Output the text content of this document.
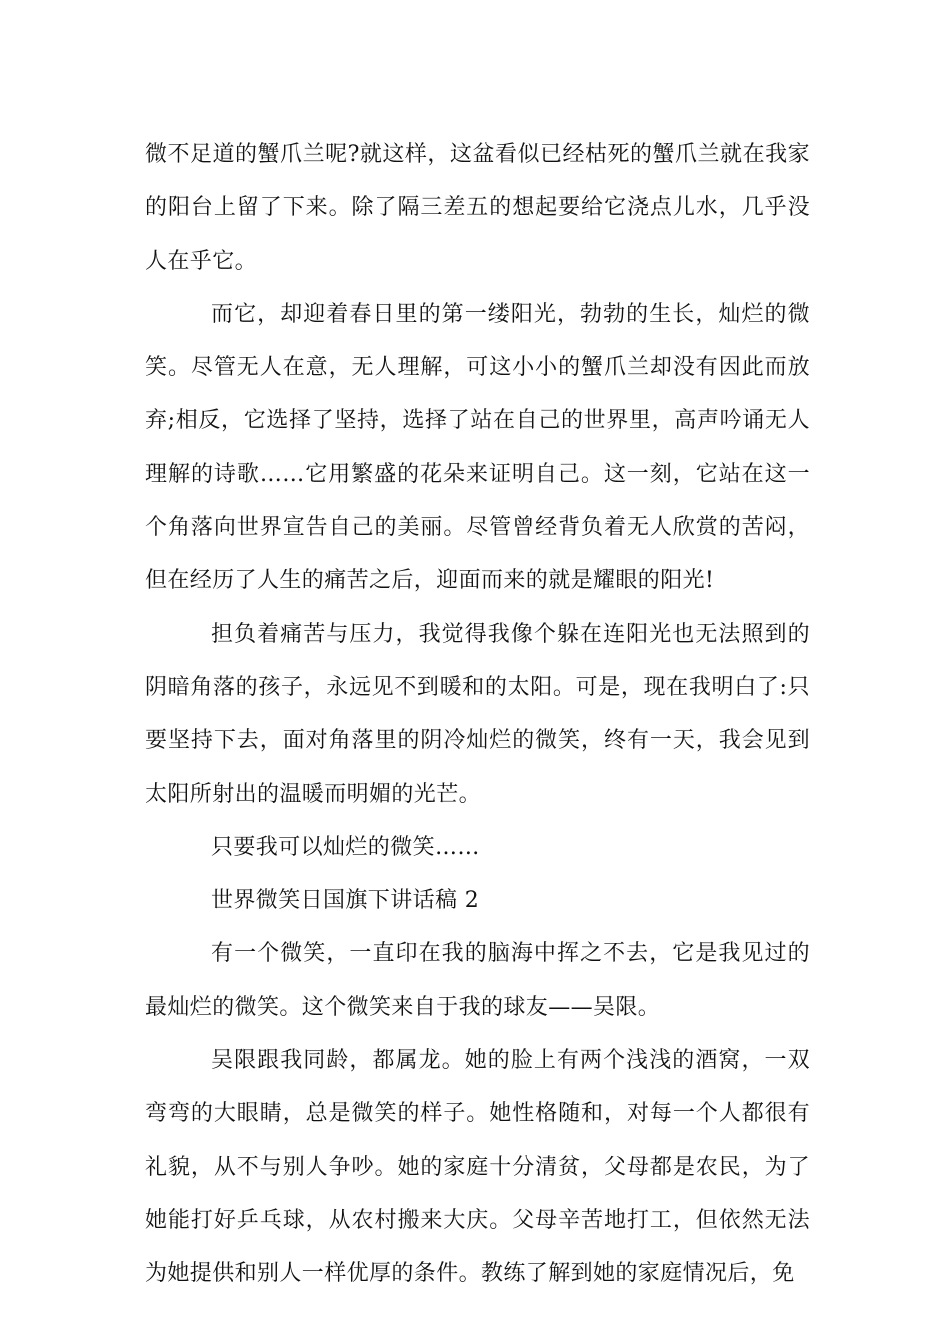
微不足道的蟹爪兰呢?就这样，这盆看似已经枯死的蟹爪兰就在我家的阳台上留了下来。除了隔三差五的想起要给它浇点儿水，几乎没人在乎它。

而它，却迎着春日里的第一缕阳光，勃勃的生长，灿烂的微笑。尽管无人在意，无人理解，可这小小的蟹爪兰却没有因此而放弃;相反，它选择了坚持，选择了站在自己的世界里，高声吟诵无人理解的诗歌……它用繁盛的花朵来证明自己。这一刻，它站在这一个角落向世界宣告自己的美丽。尽管曾经背负着无人欣赏的苦闷，但在经历了人生的痛苦之后，迎面而来的就是耀眼的阳光!

担负着痛苦与压力，我觉得我像个躲在连阳光也无法照到的阴暗角落的孩子，永远见不到暖和的太阳。可是，现在我明白了:只要坚持下去，面对角落里的阴冷灿烂的微笑，终有一天，我会见到太阳所射出的温暖而明媚的光芒。

只要我可以灿烂的微笑……

世界微笑日国旗下讲话稿 2

有一个微笑，一直印在我的脑海中挥之不去，它是我见过的最灿烂的微笑。这个微笑来自于我的球友——吴限。

吴限跟我同龄，都属龙。她的脸上有两个浅浅的酒窝，一双弯弯的大眼睛，总是微笑的样子。她性格随和，对每一个人都很有礼貌，从不与别人争吵。她的家庭十分清贫，父母都是农民，为了她能打好乒乓球，从农村搬来大庆。父母辛苦地打工，但依然无法为她提供和别人一样优厚的条件。教练了解到她的家庭情况后，免
